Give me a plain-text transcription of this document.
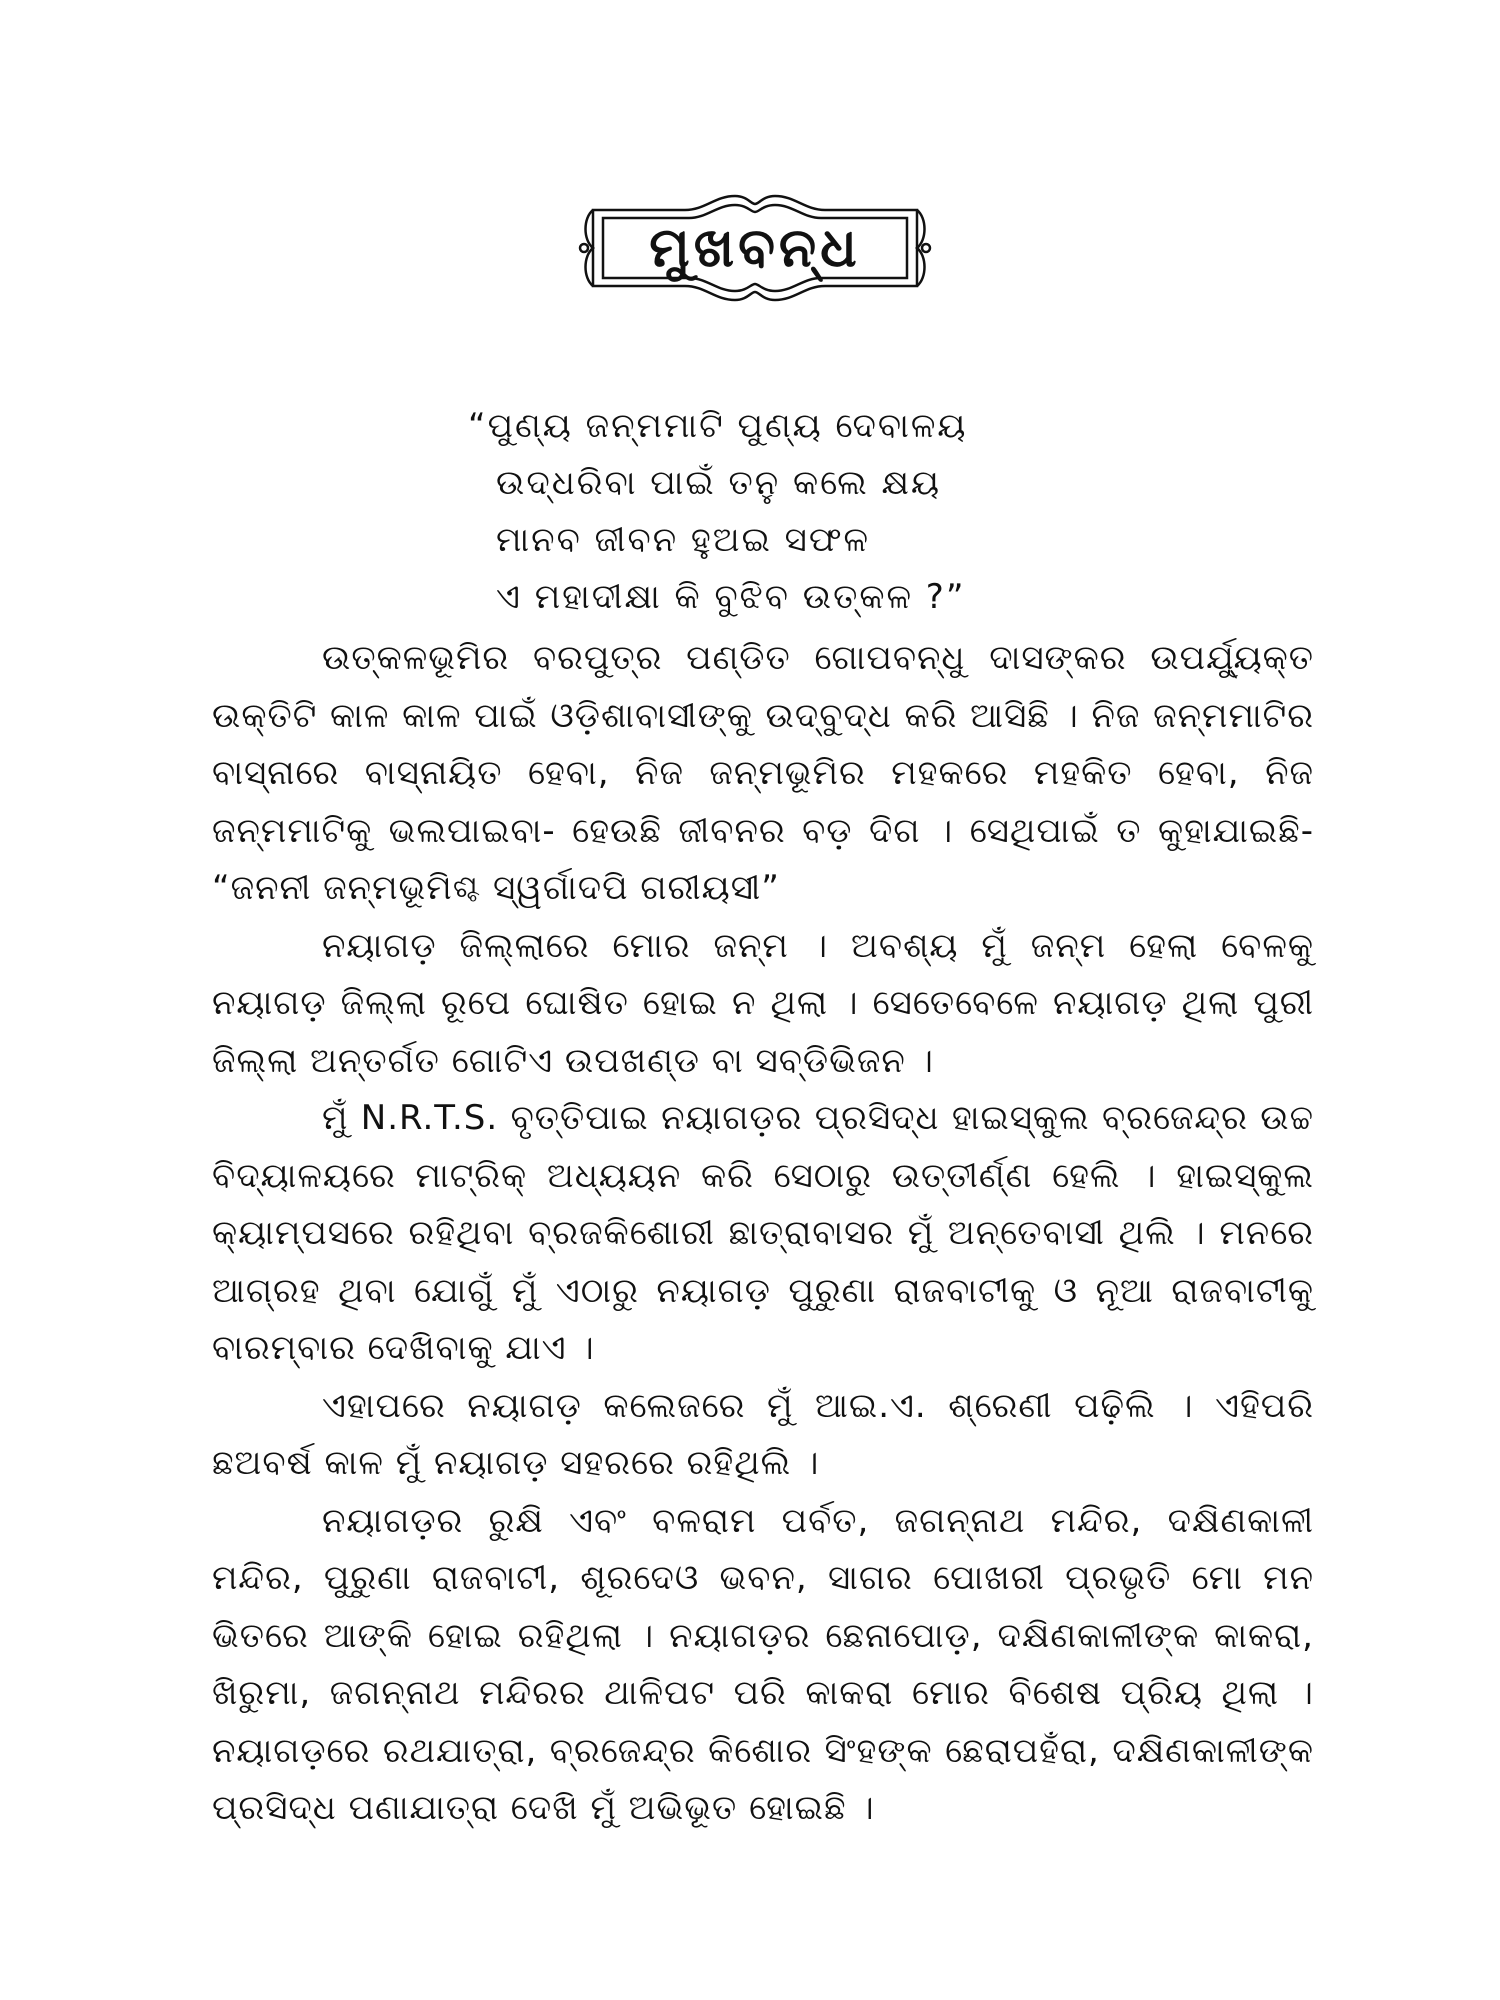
ମୁଖବନ୍ଧ
“ପୁଣ୍ୟ ଜନ୍ମମାଟି ପୁଣ୍ୟ ଦେବାଳୟ
ଉଦ୍ଧରିବା ପାଇଁ ତନୁ କଲେ କ୍ଷୟ
ମାନବ ଜୀବନ ହୁଅଇ ସଫଳ
ଏ ମହାଦୀକ୍ଷା କି ବୁଝିବ ଉତ୍କଳ ?”

ଉତ୍କଳଭୂମିର ବରପୁତ୍ର ପଣ୍ଡିତ ଗୋପବନ୍ଧୁ ଦାସଙ୍କର ଉପର୍ଯ୍ୟୁକ୍ତ ଉକ୍ତିଟି କାଳ କାଳ ପାଇଁ ଓଡ଼ିଶାବାସୀଙ୍କୁ ଉଦ୍‌ବୁଦ୍ଧ କରି ଆସିଛି । ନିଜ ଜନ୍ମମାଟିର ବାସ୍ନାରେ ବାସ୍ନାୟିତ ହେବା, ନିଜ ଜନ୍ମଭୂମିର ମହକରେ ମହକିତ ହେବା, ନିଜ ଜନ୍ମମାଟିକୁ ଭଲପାଇବା- ହେଉଛି ଜୀବନର ବଡ଼ ଦିଗ । ସେଥିପାଇଁ ତ କୁହାଯାଇଛି- “ଜନନୀ ଜନ୍ମଭୂମିଶ୍ଚ ସ୍ୱର୍ଗାଦପି ଗରୀୟସୀ”

ନୟାଗଡ଼ ଜିଲ୍ଲାରେ ମୋର ଜନ୍ମ । ଅବଶ୍ୟ ମୁଁ ଜନ୍ମ ହେଲା ବେଳକୁ ନୟାଗଡ଼ ଜିଲ୍ଲା ରୂପେ ଘୋଷିତ ହୋଇ ନ ଥିଲା । ସେତେବେଳେ ନୟାଗଡ଼ ଥିଲା ପୁରୀ ଜିଲ୍ଲା ଅନ୍ତର୍ଗତ ଗୋଟିଏ ଉପଖଣ୍ଡ ବା ସବ୍‌ଡିଭିଜନ ।

ମୁଁ N.R.T.S. ବୃତ୍ତିପାଇ ନୟାଗଡ଼ର ପ୍ରସିଦ୍ଧ ହାଇସ୍କୁଲ ବ୍ରଜେନ୍ଦ୍ର ଉଚ୍ଚ ବିଦ୍ୟାଳୟରେ ମାଟ୍ରିକ୍ ଅଧ୍ୟୟନ କରି ସେଠାରୁ ଉତ୍ତୀର୍ଣ୍ଣ ହେଲି । ହାଇସ୍କୁଲ କ୍ୟାମ୍ପସରେ ରହିଥିବା ବ୍ରଜକିଶୋରୀ ଛାତ୍ରାବାସର ମୁଁ ଅନ୍ତେବାସୀ ଥିଲି । ମନରେ ଆଗ୍ରହ ଥିବା ଯୋଗୁଁ ମୁଁ ଏଠାରୁ ନୟାଗଡ଼ ପୁରୁଣା ରାଜବାଟୀକୁ ଓ ନୂଆ ରାଜବାଟୀକୁ ବାରମ୍ବାର ଦେଖିବାକୁ ଯାଏ ।

ଏହାପରେ ନୟାଗଡ଼ କଲେଜରେ ମୁଁ ଆଇ.ଏ. ଶ୍ରେଣୀ ପଢ଼ିଲି । ଏହିପରି ଛଅବର୍ଷ କାଳ ମୁଁ ନୟାଗଡ଼ ସହରରେ ରହିଥିଲି ।

ନୟାଗଡ଼ର ରୁକ୍ଷି ଏବଂ ବଳରାମ ପର୍ବତ, ଜଗନ୍ନାଥ ମନ୍ଦିର, ଦକ୍ଷିଣକାଳୀ ମନ୍ଦିର, ପୁରୁଣା ରାଜବାଟୀ, ଶୂରଦେଓ ଭବନ, ସାଗର ପୋଖରୀ ପ୍ରଭୃତି ମୋ ମନ ଭିତରେ ଆଙ୍କି ହୋଇ ରହିଥିଲା । ନୟାଗଡ଼ର ଛେନାପୋଡ଼, ଦକ୍ଷିଣକାଳୀଙ୍କ କାକରା, ଖିରୁମା, ଜଗନ୍ନାଥ ମନ୍ଦିରର ଥାଳିପଟ ପରି କାକରା ମୋର ବିଶେଷ ପ୍ରିୟ ଥିଲା । ନୟାଗଡ଼ରେ ରଥଯାତ୍ରା, ବ୍ରଜେନ୍ଦ୍ର କିଶୋର ସିଂହଙ୍କ ଛେରାପହଁରା, ଦକ୍ଷିଣକାଳୀଙ୍କ ପ୍ରସିଦ୍ଧ ପଣାଯାତ୍ରା ଦେଖି ମୁଁ ଅଭିଭୂତ ହୋଇଛି ।
